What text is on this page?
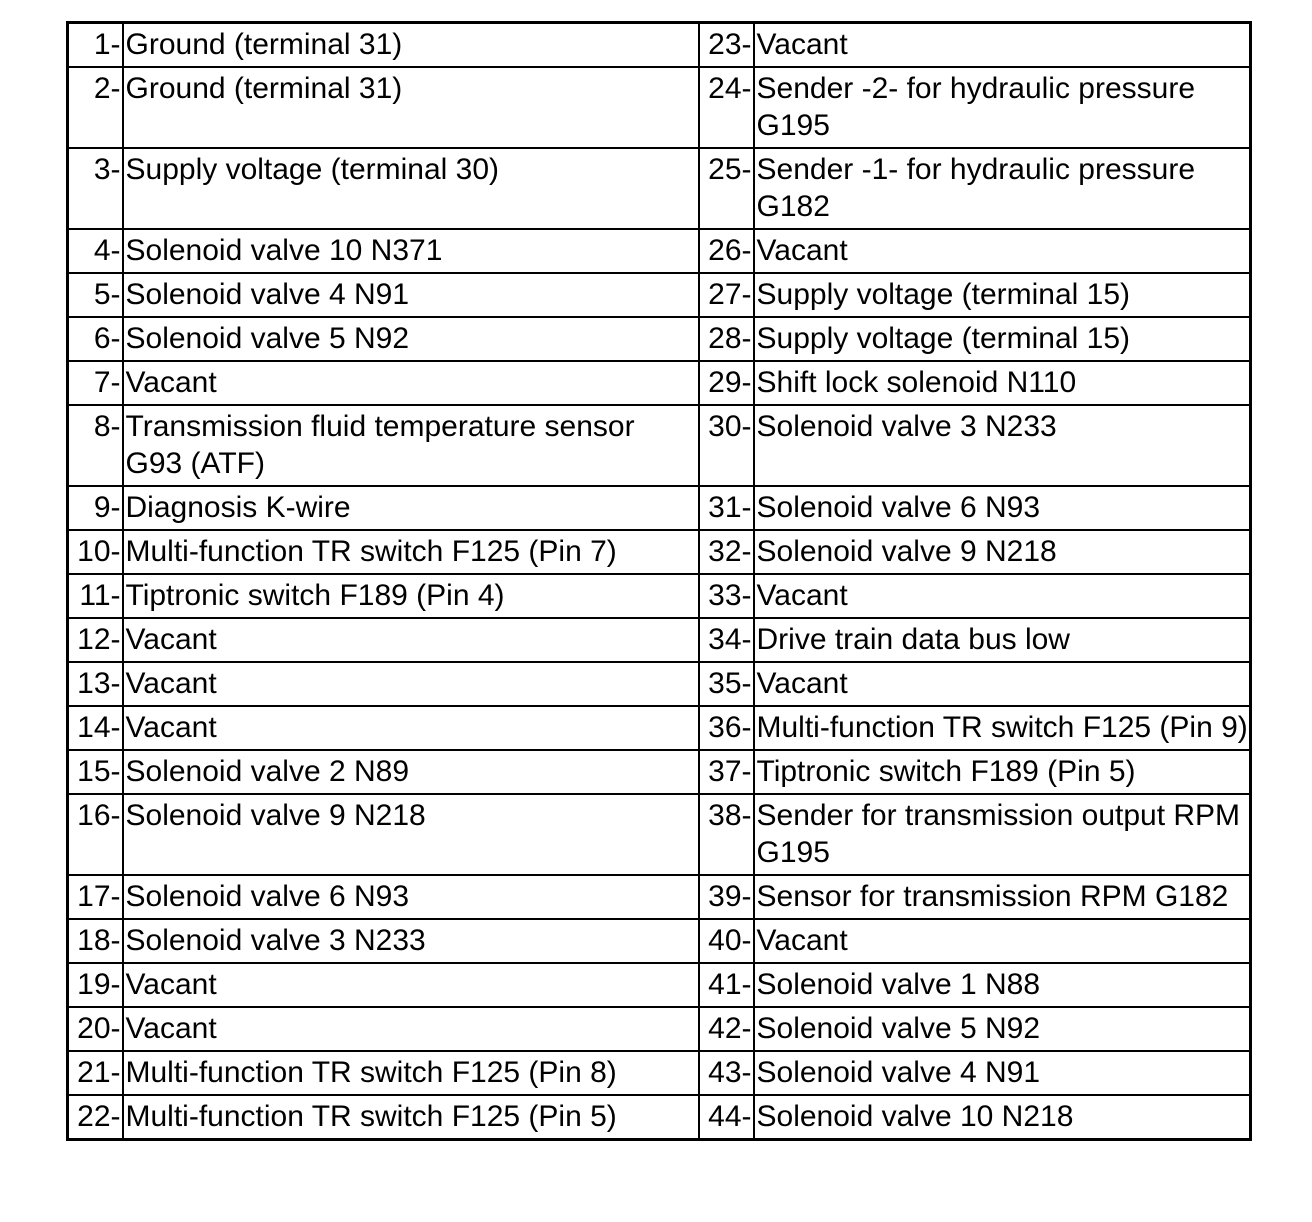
1-	Ground (terminal 31)	23-	Vacant

2-	Ground (terminal 31)	24-	Sender -2- for hydraulic pressure G195

3-	Supply voltage (terminal 30)	25-	Sender -1- for hydraulic pressure G182

4-	Solenoid valve 10 N371	26-	Vacant

5-	Solenoid valve 4 N91	27-	Supply voltage (terminal 15)

6-	Solenoid valve 5 N92	28-	Supply voltage (terminal 15)

7-	Vacant	29-	Shift lock solenoid N110

8-	Transmission fluid temperature sensor G93 (ATF)	30-	Solenoid valve 3 N233

9-	Diagnosis K-wire	31-	Solenoid valve 6 N93

10-	Multi-function TR switch F125 (Pin 7)	32-	Solenoid valve 9 N218

11-	Tiptronic switch F189 (Pin 4)	33-	Vacant

12-	Vacant	34-	Drive train data bus low

13-	Vacant	35-	Vacant

14-	Vacant	36-	Multi-function TR switch F125 (Pin 9)

15-	Solenoid valve 2 N89	37-	Tiptronic switch F189 (Pin 5)

16-	Solenoid valve 9 N218	38-	Sender for transmission output RPM G195

17-	Solenoid valve 6 N93	39-	Sensor for transmission RPM G182

18-	Solenoid valve 3 N233	40-	Vacant

19-	Vacant	41-	Solenoid valve 1 N88

20-	Vacant	42-	Solenoid valve 5 N92

21-	Multi-function TR switch F125 (Pin 8)	43-	Solenoid valve 4 N91

22-	Multi-function TR switch F125 (Pin 5)	44-	Solenoid valve 10 N218
